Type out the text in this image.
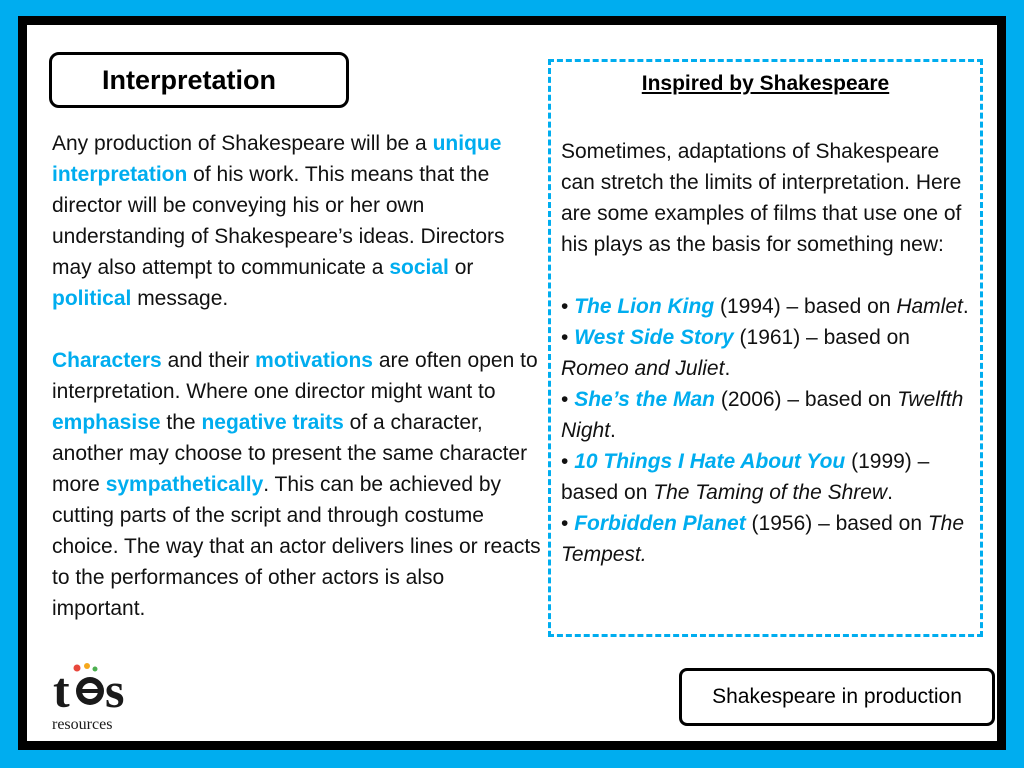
Interpretation

Any production of Shakespeare will be a unique interpretation of his work. This means that the director will be conveying his or her own understanding of Shakespeare’s ideas. Directors may also attempt to communicate a social or political message.

Characters and their motivations are often open to interpretation. Where one director might want to emphasise the negative traits of a character, another may choose to present the same character more sympathetically. This can be achieved by cutting parts of the script and through costume choice. The way that an actor delivers lines or reacts to the performances of other actors is also important.

Inspired by Shakespeare

Sometimes, adaptations of Shakespeare can stretch the limits of interpretation. Here are some examples of films that use one of his plays as the basis for something new:

• The Lion King (1994) – based on Hamlet.
• West Side Story (1961) – based on Romeo and Juliet.
• She’s the Man (2006) – based on Twelfth Night.
• 10 Things I Hate About You (1999) – based on The Taming of the Shrew.
• Forbidden Planet (1956) – based on The Tempest.
t s
resources
Shakespeare in production
